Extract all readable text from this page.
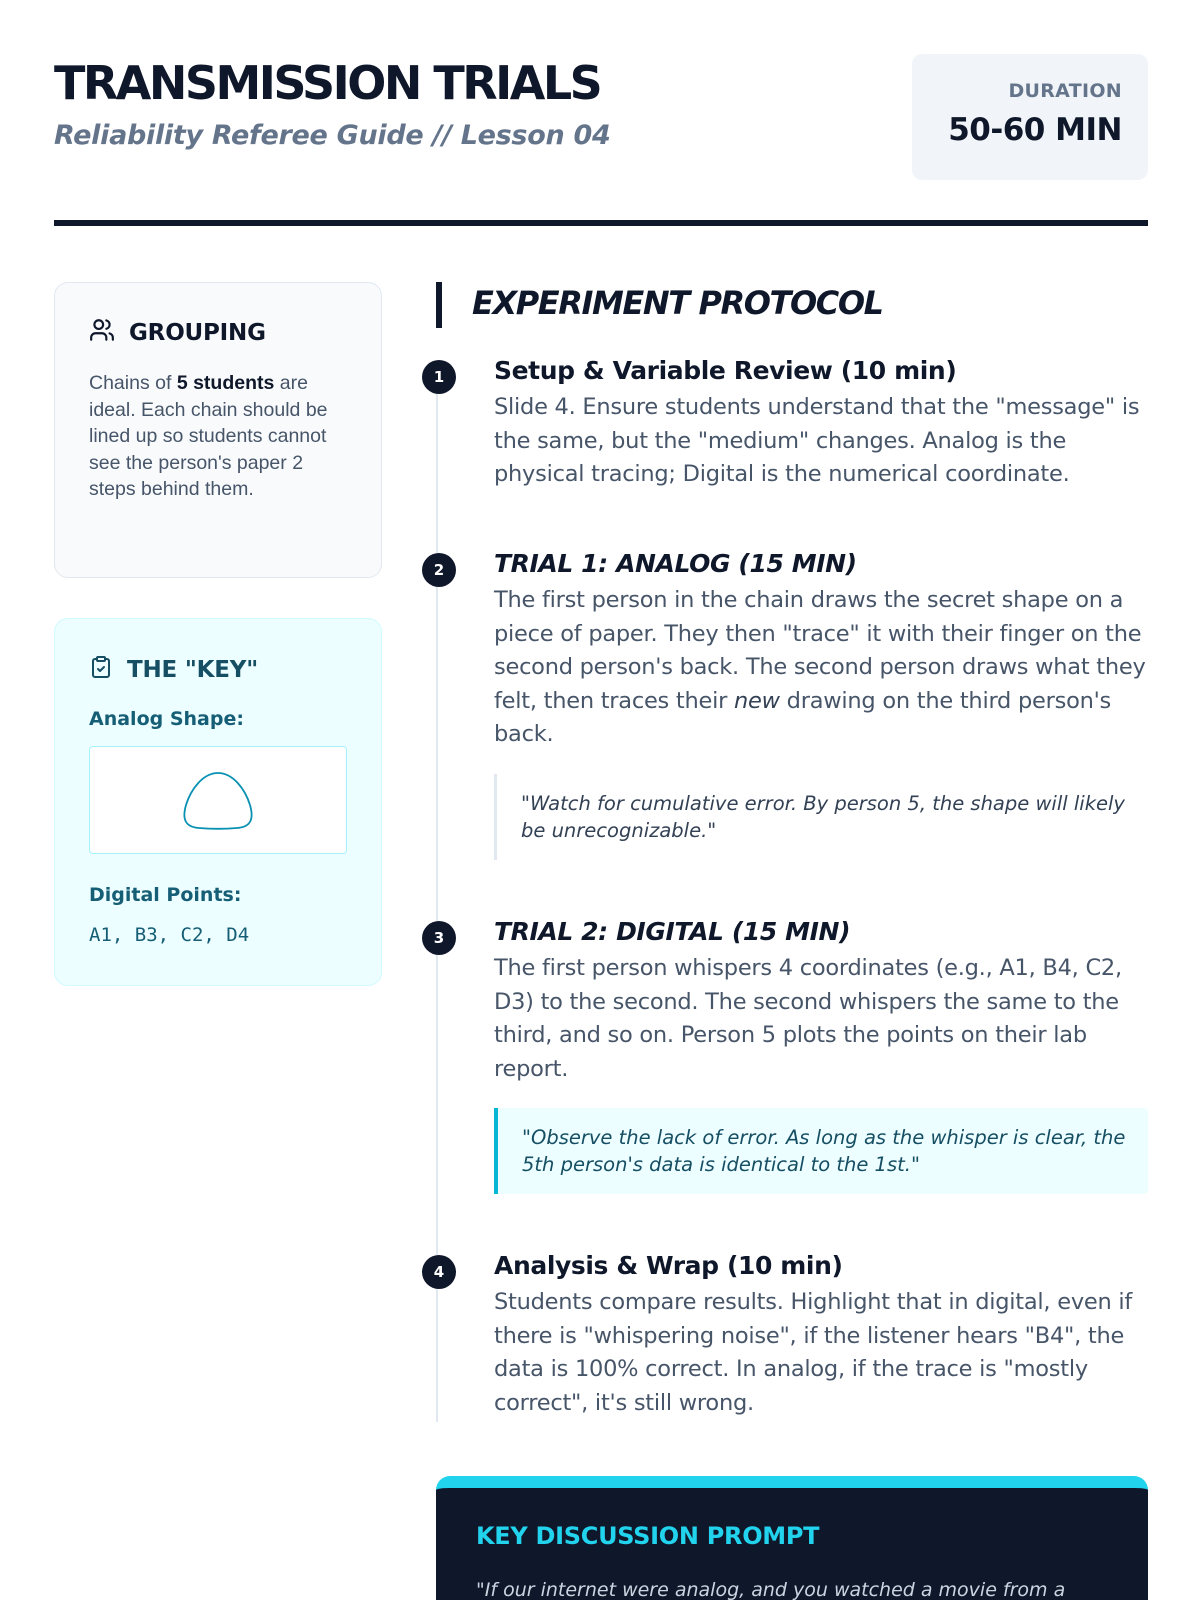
TRANSMISSION TRIALS
Reliability Referee Guide // Lesson 04
DURATION
50-60 MIN
GROUPING
Chains of 5 students are ideal. Each chain should be lined up so students cannot see the person's paper 2 steps behind them.
THE "KEY"
Analog Shape:
Digital Points:
A1, B3, C2, D4
EXPERIMENT PROTOCOL
1	Setup & Variable Review (10 min)
Slide 4. Ensure students understand that the "message" is the same, but the "medium" changes. Analog is the physical tracing; Digital is the numerical coordinate.
2	TRIAL 1: ANALOG (15 MIN)
The first person in the chain draws the secret shape on a piece of paper. They then "trace" it with their finger on the second person's back. The second person draws what they felt, then traces their new drawing on the third person's back.
"Watch for cumulative error. By person 5, the shape will likely be unrecognizable."
3	TRIAL 2: DIGITAL (15 MIN)
The first person whispers 4 coordinates (e.g., A1, B4, C2, D3) to the second. The second whispers the same to the third, and so on. Person 5 plots the points on their lab report.
"Observe the lack of error. As long as the whisper is clear, the 5th person's data is identical to the 1st."
4	Analysis & Wrap (10 min)
Students compare results. Highlight that in digital, even if there is "whispering noise", if the listener hears "B4", the data is 100% correct. In analog, if the trace is "mostly correct", it's still wrong.
KEY DISCUSSION PROMPT
"If our internet were analog, and you watched a movie from a
